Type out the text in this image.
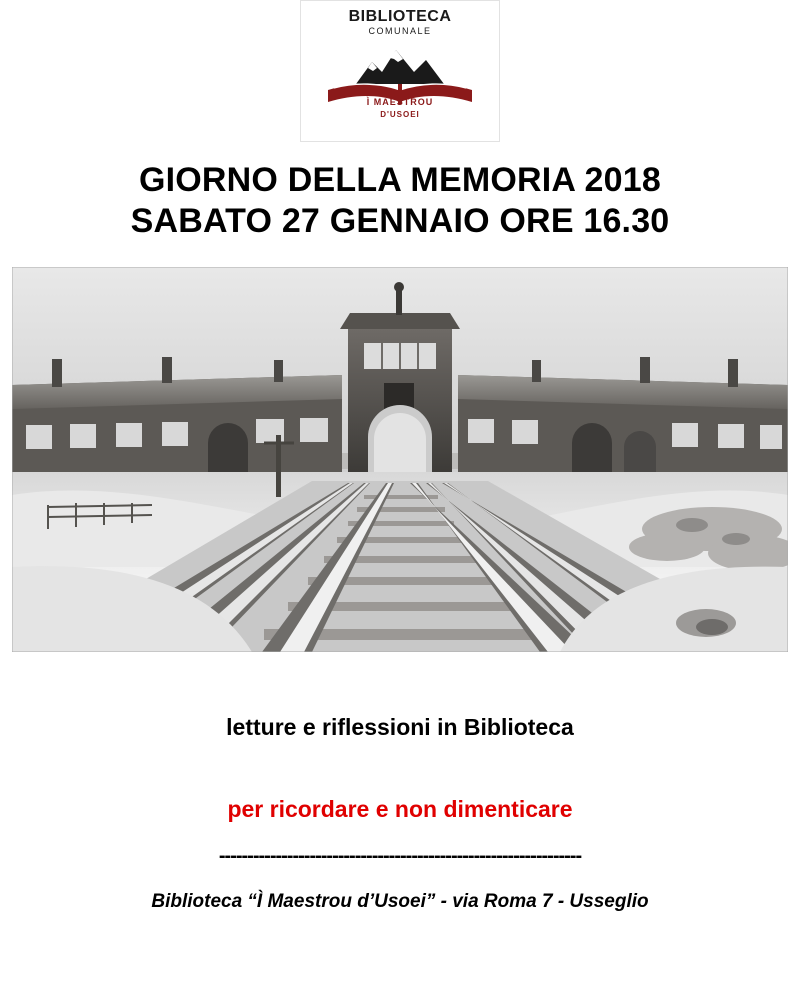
BIBLIOTECA
COMUNALE
Ì MAESTROU
D'USOEI
GIORNO DELLA MEMORIA 2018
SABATO 27 GENNAIO ORE 16.30
letture e riflessioni in Biblioteca
per ricordare e non dimenticare
----------------------------------------------------------------
Biblioteca “Ì Maestrou d’Usoei” - via Roma 7 - Usseglio
